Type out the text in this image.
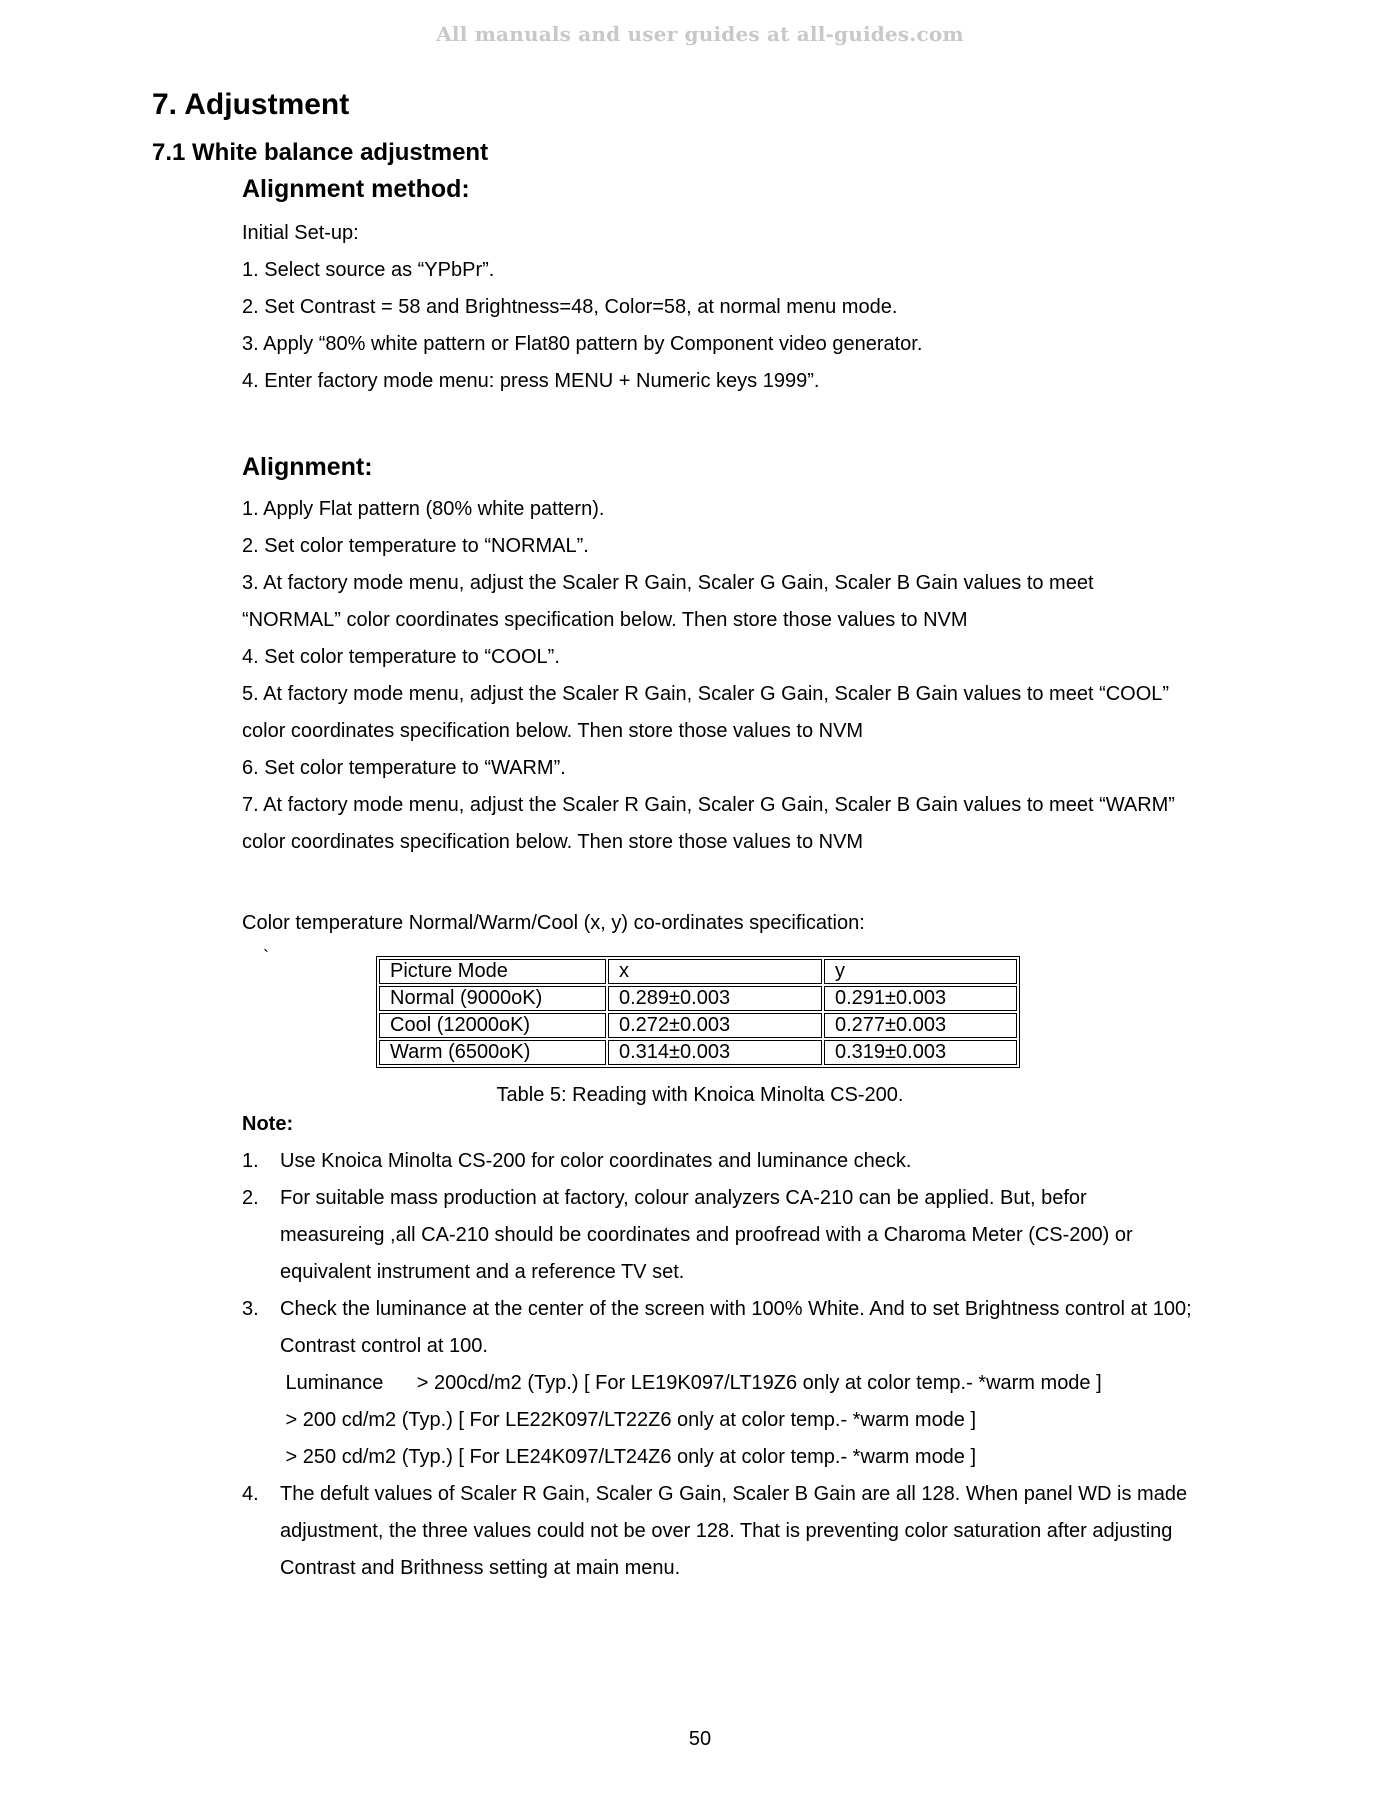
All manuals and user guides at all-guides.com
7. Adjustment
7.1 White balance adjustment
Alignment method:
Initial Set-up:
1. Select source as “YPbPr”.
2. Set Contrast = 58 and Brightness=48, Color=58, at normal menu mode.
3. Apply “80% white pattern or Flat80 pattern by Component video generator.
4. Enter factory mode menu: press MENU + Numeric keys 1999”.
Alignment:
1. Apply Flat pattern (80% white pattern).
2. Set color temperature to “NORMAL”.
3. At factory mode menu, adjust the Scaler R Gain, Scaler G Gain, Scaler B Gain values to meet
“NORMAL” color coordinates specification below. Then store those values to NVM
4. Set color temperature to “COOL”.
5. At factory mode menu, adjust the Scaler R Gain, Scaler G Gain, Scaler B Gain values to meet “COOL”
color coordinates specification below. Then store those values to NVM
6. Set color temperature to “WARM”.
7. At factory mode menu, adjust the Scaler R Gain, Scaler G Gain, Scaler B Gain values to meet “WARM”
color coordinates specification below. Then store those values to NVM
Color temperature Normal/Warm/Cool (x, y) co-ordinates specification:
`
Picture Mode	x	y
Normal (9000oK)	0.289±0.003	0.291±0.003
Cool (12000oK)	0.272±0.003	0.277±0.003
Warm (6500oK)	0.314±0.003	0.319±0.003
Table 5: Reading with Knoica Minolta CS-200.
Note:
1. Use Knoica Minolta CS-200 for color coordinates and luminance check.
2. For suitable mass production at factory, colour analyzers CA-210 can be applied. But, befor
measureing ,all CA-210 should be coordinates and proofread with a Charoma Meter (CS-200) or
equivalent instrument and a reference TV set.
3. Check the luminance at the center of the screen with 100% White. And to set Brightness control at 100;
Contrast control at 100.
Luminance      > 200cd/m2 (Typ.) [ For LE19K097/LT19Z6 only at color temp.- *warm mode ]
> 200 cd/m2 (Typ.) [ For LE22K097/LT22Z6 only at color temp.- *warm mode ]
> 250 cd/m2 (Typ.) [ For LE24K097/LT24Z6 only at color temp.- *warm mode ]
4. The defult values of Scaler R Gain, Scaler G Gain, Scaler B Gain are all 128. When panel WD is made
adjustment, the three values could not be over 128. That is preventing color saturation after adjusting
Contrast and Brithness setting at main menu.
50
